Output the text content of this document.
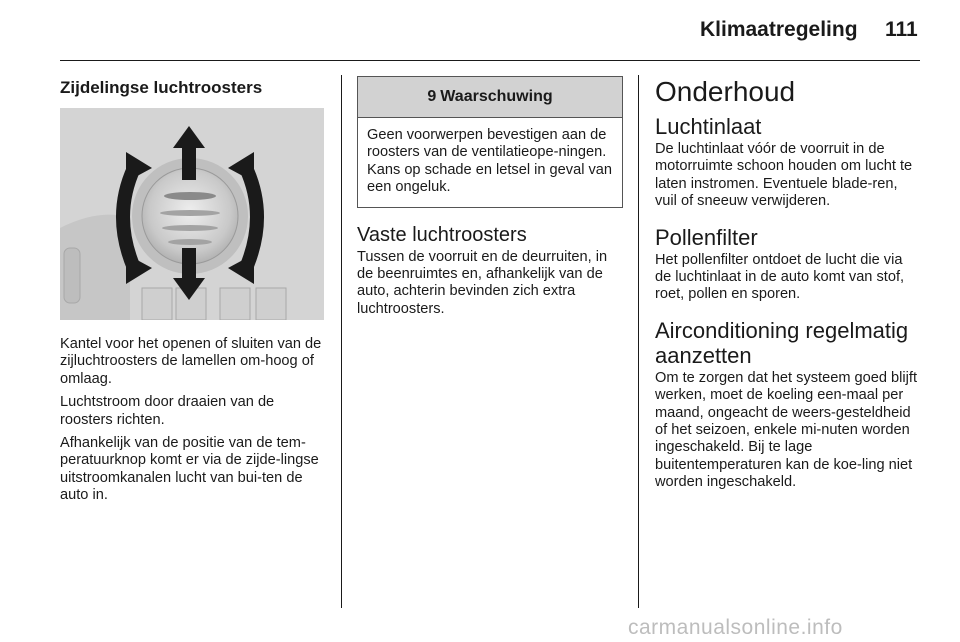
Klimaatregeling 111

Zijdelingse luchtroosters

Kantel voor het openen of sluiten van de zijluchtroosters de lamellen om-hoog of omlaag.

Luchtstroom door draaien van de roosters richten.

Afhankelijk van de positie van de tem-peratuurknop komt er via de zijde-lingse uitstroomkanalen lucht van bui-ten de auto in.

9 Waarschuwing
Geen voorwerpen bevestigen aan de roosters van de ventilatieope-ningen. Kans op schade en letsel in geval van een ongeluk.

Vaste luchtroosters

Tussen de voorruit en de deurruiten, in de beenruimtes en, afhankelijk van de auto, achterin bevinden zich extra luchtroosters.

Onderhoud

Luchtinlaat

De luchtinlaat vóór de voorruit in de motorruimte schoon houden om lucht te laten instromen. Eventuele blade-ren, vuil of sneeuw verwijderen.

Pollenfilter

Het pollenfilter ontdoet de lucht die via de luchtinlaat in de auto komt van stof, roet, pollen en sporen.

Airconditioning regelmatig aanzetten

Om te zorgen dat het systeem goed blijft werken, moet de koeling een-maal per maand, ongeacht de weers-gesteldheid of het seizoen, enkele mi-nuten worden ingeschakeld. Bij te lage buitentemperaturen kan de koe-ling niet worden ingeschakeld.

carmanualsonline.info
